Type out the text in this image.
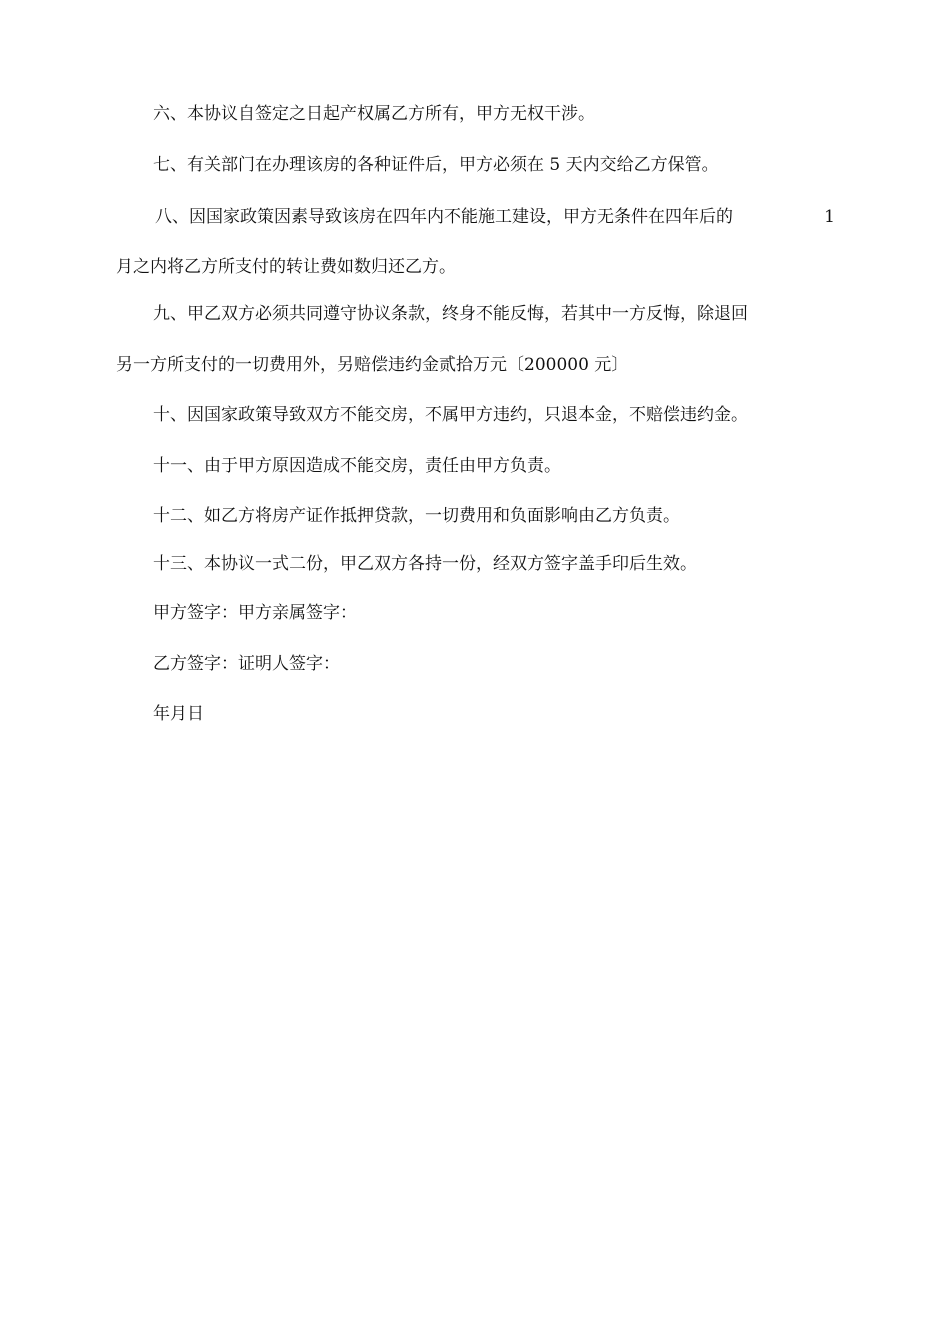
六、本协议自签定之日起产权属乙方所有，甲方无权干涉。
七、有关部门在办理该房的各种证件后，甲方必须在 5 天内交给乙方保管。
八、因国家政策因素导致该房在四年内不能施工建设，甲方无条件在四年后的	1
月之内将乙方所支付的转让费如数归还乙方。
九、甲乙双方必须共同遵守协议条款，终身不能反悔，若其中一方反悔，除退回
另一方所支付的一切费用外，另赔偿违约金贰拾万元〔200000 元〕
十、因国家政策导致双方不能交房，不属甲方违约，只退本金，不赔偿违约金。
十一、由于甲方原因造成不能交房，责任由甲方负责。
十二、如乙方将房产证作抵押贷款，一切费用和负面影响由乙方负责。
十三、本协议一式二份，甲乙双方各持一份，经双方签字盖手印后生效。
甲方签字：甲方亲属签字：
乙方签字：证明人签字：
年月日
